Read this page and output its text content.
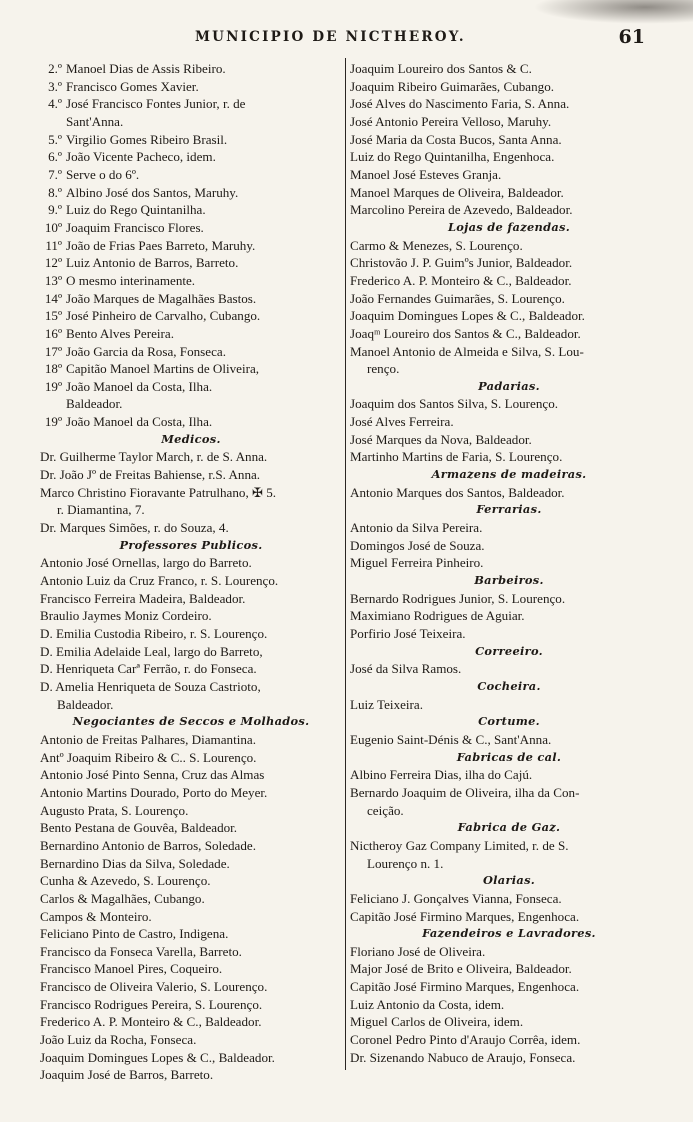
MUNICIPIO DE NICTHEROY.	61
2.º Manoel Dias de Assis Ribeiro.
3.º Francisco Gomes Xavier.
4.º José Francisco Fontes Junior, r. de
Sant'Anna.
5.º Virgilio Gomes Ribeiro Brasil.
6.º João Vicente Pacheco, idem.
7.º Serve o do 6º.
8.º Albino José dos Santos, Maruhy.
9.º Luiz do Rego Quintanilha.
10º Joaquim Francisco Flores.
11º João de Frias Paes Barreto, Maruhy.
12º Luiz Antonio de Barros, Barreto.
13º O mesmo interinamente.
14º João Marques de Magalhães Bastos.
15º José Pinheiro de Carvalho, Cubango.
16º Bento Alves Pereira.
17º João Garcia da Rosa, Fonseca.
18º Capitão Manoel Martins de Oliveira,
19º João Manoel da Costa, Ilha.
Baldeador.
19º João Manoel da Costa, Ilha.
Medicos.
Dr. Guilherme Taylor March, r. de S. Anna.
Dr. João Jº de Freitas Bahiense, r.S. Anna.
Marco Christino Fioravante Patrulhano, ✠ 5.
r. Diamantina, 7.
Dr. Marques Simões, r. do Souza, 4.
Professores Publicos.
Antonio José Ornellas, largo do Barreto.
Antonio Luiz da Cruz Franco, r. S. Lourenço.
Francisco Ferreira Madeira, Baldeador.
Braulio Jaymes Moniz Cordeiro.
D. Emilia Custodia Ribeiro, r. S. Lourenço.
D. Emilia Adelaide Leal, largo do Barreto,
D. Henriqueta Carª Ferrão, r. do Fonseca.
D. Amelia Henriqueta de Souza Castrioto,
Baldeador.
Negociantes de Seccos e Molhados.
Antonio de Freitas Palhares, Diamantina.
Antº Joaquim Ribeiro & C.. S. Lourenço.
Antonio José Pinto Senna, Cruz das Almas
Antonio Martins Dourado, Porto do Meyer.
Augusto Prata, S. Lourenço.
Bento Pestana de Gouvêa, Baldeador.
Bernardino Antonio de Barros, Soledade.
Bernardino Dias da Silva, Soledade.
Cunha & Azevedo, S. Lourenço.
Carlos & Magalhães, Cubango.
Campos & Monteiro.
Feliciano Pinto de Castro, Indigena.
Francisco da Fonseca Varella, Barreto.
Francisco Manoel Pires, Coqueiro.
Francisco de Oliveira Valerio, S. Lourenço.
Francisco Rodrigues Pereira, S. Lourenço.
Frederico A. P. Monteiro & C., Baldeador.
João Luiz da Rocha, Fonseca.
Joaquim Domingues Lopes & C., Baldeador.
Joaquim José de Barros, Barreto.
Joaquim Loureiro dos Santos & C.
Joaquim Ribeiro Guimarães, Cubango.
José Alves do Nascimento Faria, S. Anna.
José Antonio Pereira Velloso, Maruhy.
José Maria da Costa Bucos, Santa Anna.
Luiz do Rego Quintanilha, Engenhoca.
Manoel José Esteves Granja.
Manoel Marques de Oliveira, Baldeador.
Marcolino Pereira de Azevedo, Baldeador.
Lojas de fazendas.
Carmo & Menezes, S. Lourenço.
Christovão J. P. Guimºs Junior, Baldeador.
Frederico A. P. Monteiro & C., Baldeador.
João Fernandes Guimarães, S. Lourenço.
Joaquim Domingues Lopes & C., Baldeador.
Joaqᵐ Loureiro dos Santos & C., Baldeador.
Manoel Antonio de Almeida e Silva, S. Lou-
renço.
Padarias.
Joaquim dos Santos Silva, S. Lourenço.
José Alves Ferreira.
José Marques da Nova, Baldeador.
Martinho Martins de Faria, S. Lourenço.
Armazens de madeiras.
Antonio Marques dos Santos, Baldeador.
Ferrarias.
Antonio da Silva Pereira.
Domingos José de Souza.
Miguel Ferreira Pinheiro.
Barbeiros.
Bernardo Rodrigues Junior, S. Lourenço.
Maximiano Rodrigues de Aguiar.
Porfirio José Teixeira.
Correeiro.
José da Silva Ramos.
Cocheira.
Luiz Teixeira.
Cortume.
Eugenio Saint-Dénis & C., Sant'Anna.
Fabricas de cal.
Albino Ferreira Dias, ilha do Cajú.
Bernardo Joaquim de Oliveira, ilha da Con-
ceição.
Fabrica de Gaz.
Nictheroy Gaz Company Limited, r. de S.
Lourenço n. 1.
Olarias.
Feliciano J. Gonçalves Vianna, Fonseca.
Capitão José Firmino Marques, Engenhoca.
Fazendeiros e Lavradores.
Floriano José de Oliveira.
Major José de Brito e Oliveira, Baldeador.
Capitão José Firmino Marques, Engenhoca.
Luiz Antonio da Costa, idem.
Miguel Carlos de Oliveira, idem.
Coronel Pedro Pinto d'Araujo Corrêa, idem.
Dr. Sizenando Nabuco de Araujo, Fonseca.
